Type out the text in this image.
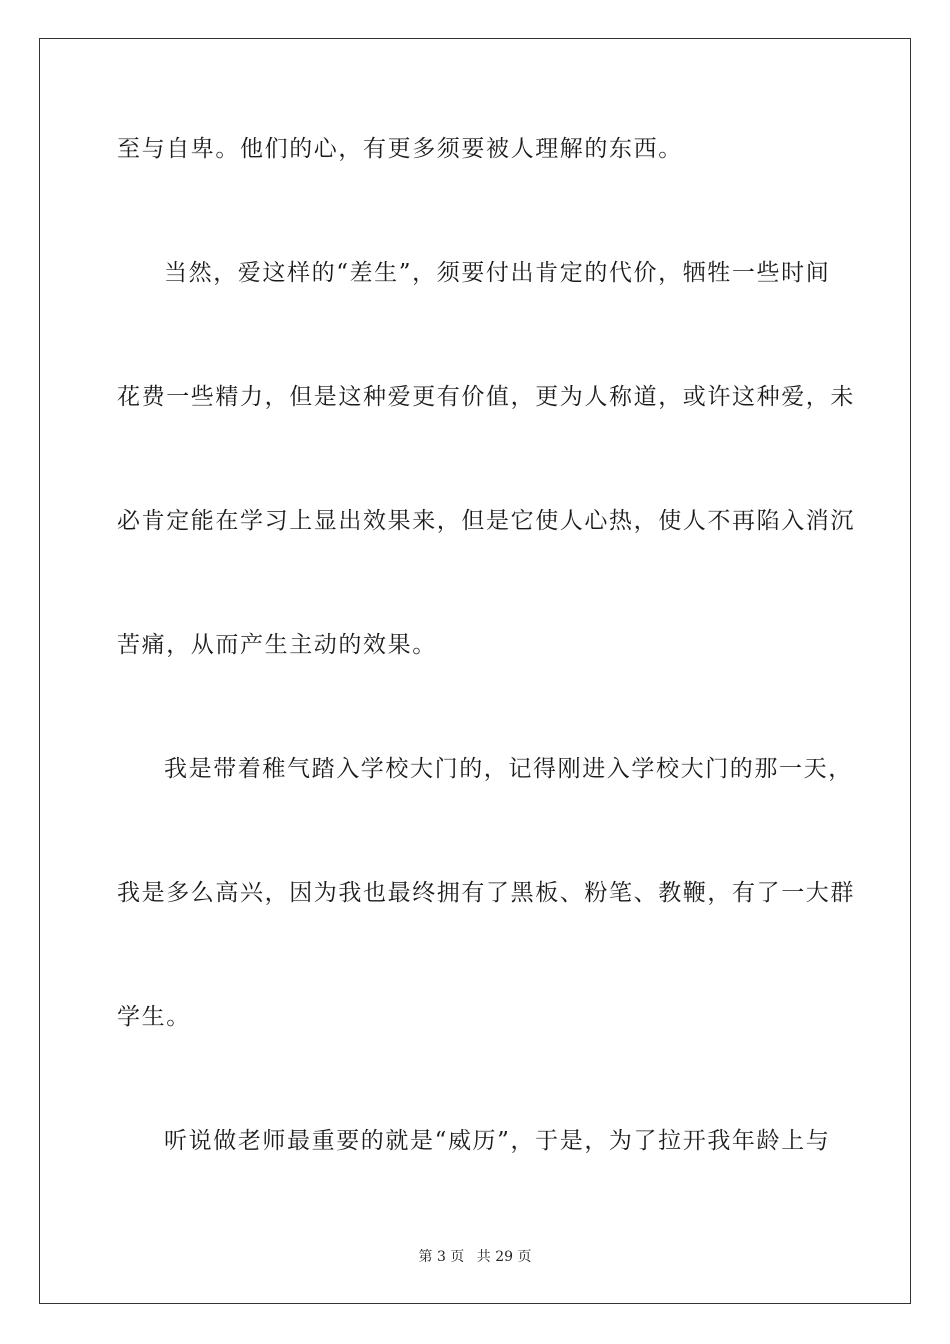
至与自卑。他们的心，有更多须要被人理解的东西。
当然，爱这样的“差生”，须要付出肯定的代价，牺牲一些时间
花费一些精力，但是这种爱更有价值，更为人称道，或许这种爱，未
必肯定能在学习上显出效果来，但是它使人心热，使人不再陷入消沉
苦痛，从而产生主动的效果。
我是带着稚气踏入学校大门的，记得刚进入学校大门的那一天，
我是多么高兴，因为我也最终拥有了黑板、粉笔、教鞭，有了一大群
学生。
听说做老师最重要的就是“威历”，于是，为了拉开我年龄上与
第 3 页 共 29 页
